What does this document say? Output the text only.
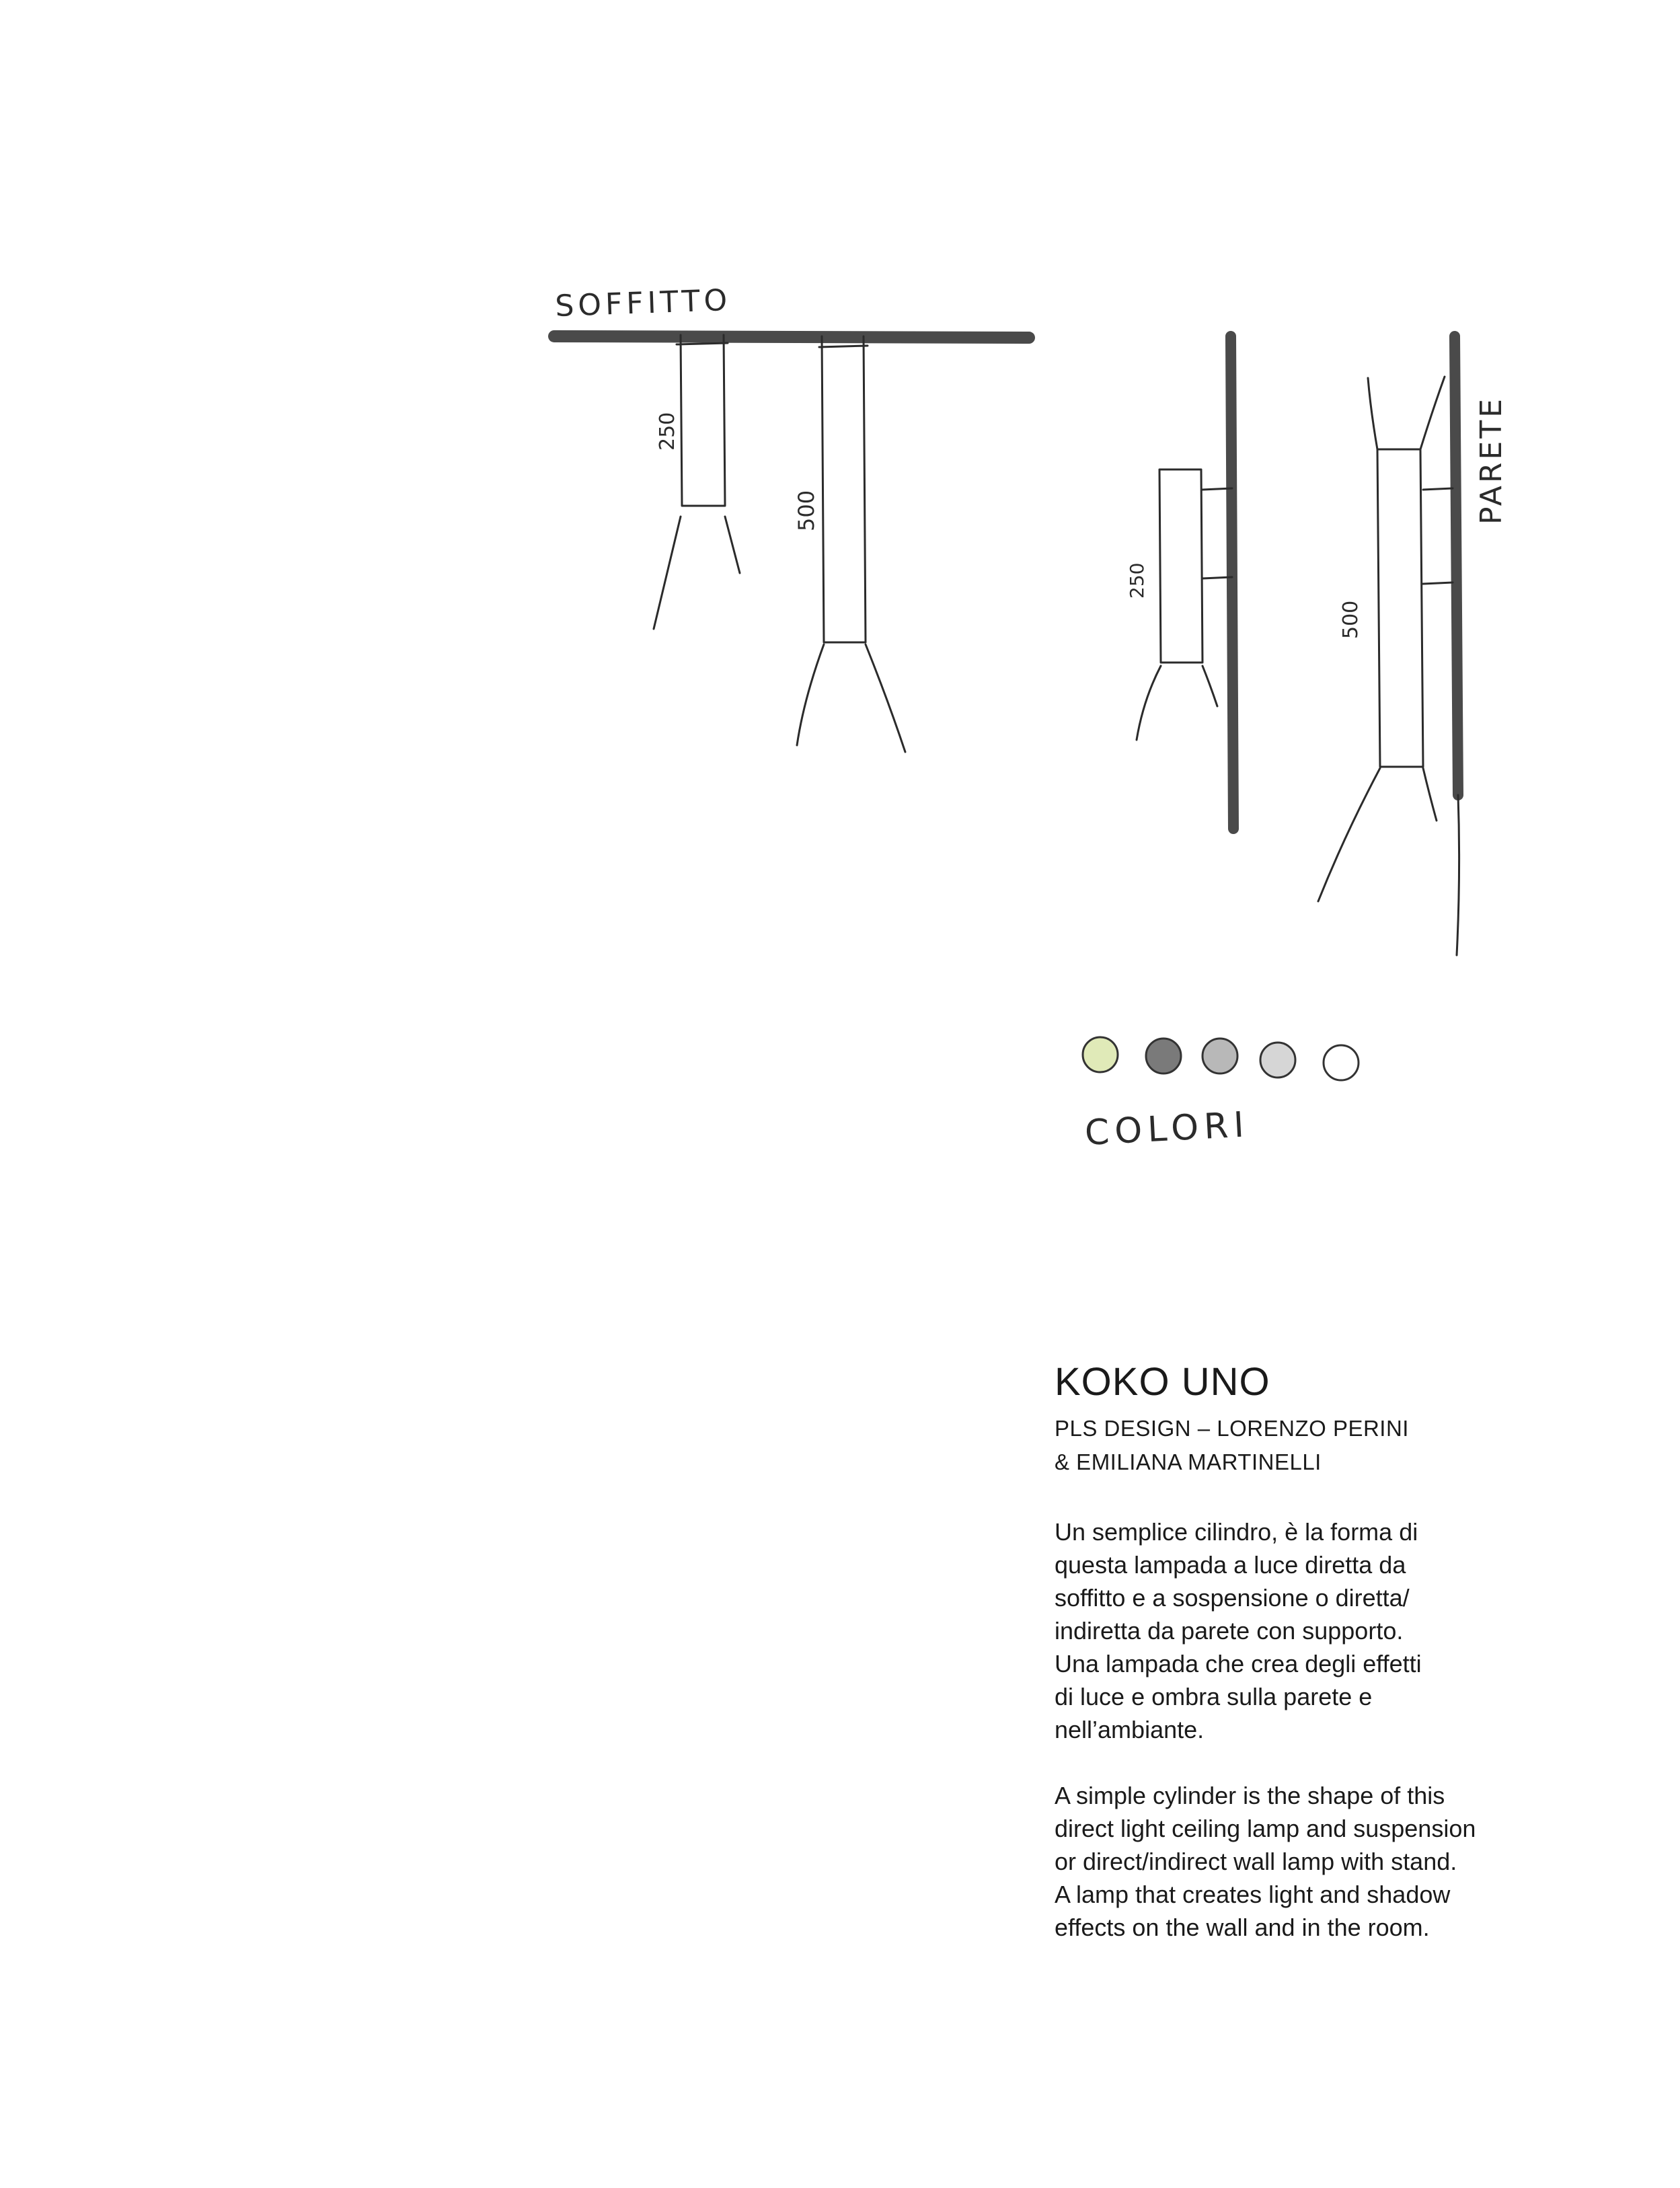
SOFFITTO
250
500
250
500
PARETE
COLORI
KOKO UNO
PLS DESIGN – LORENZO PERINI
& EMILIANA MARTINELLI

Un semplice cilindro, è la forma di
questa lampada a luce diretta da
soffitto e a sospensione o diretta/
indiretta da parete con supporto.
Una lampada che crea degli effetti
di luce e ombra sulla parete e
nell’ambiante.

A simple cylinder is the shape of this
direct light ceiling lamp and suspension
or direct/indirect wall lamp with stand.
A lamp that creates light and shadow
effects on the wall and in the room.
